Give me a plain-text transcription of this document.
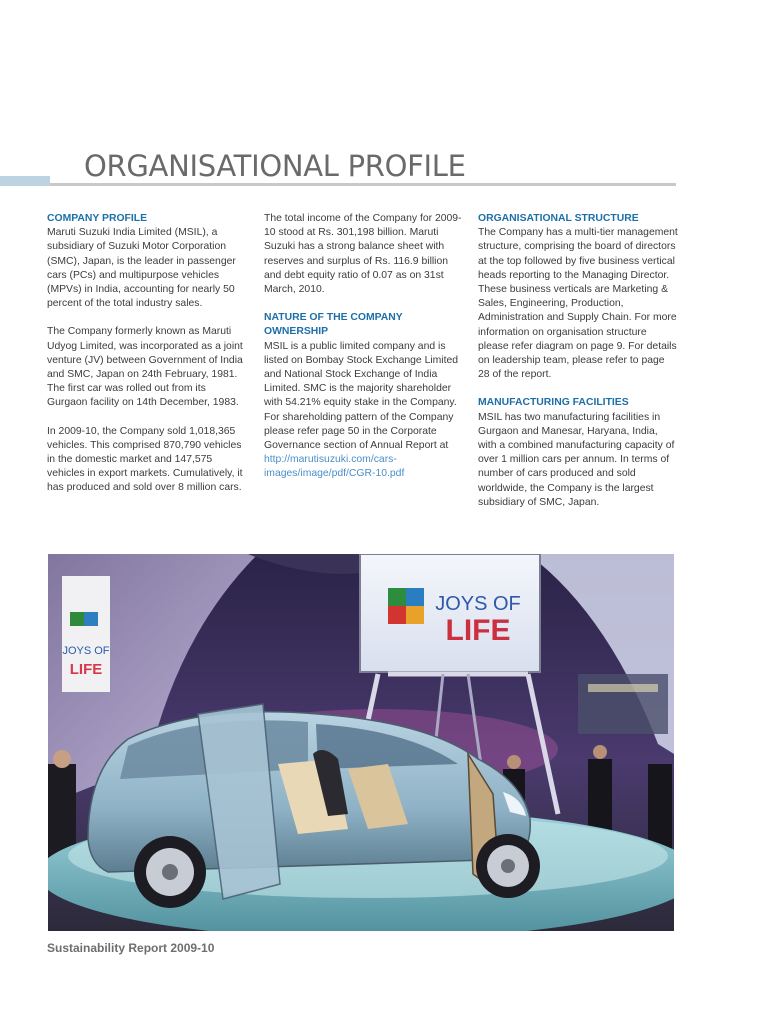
ORGANISATIONAL PROFILE
COMPANY PROFILE

Maruti Suzuki India Limited (MSIL), a subsidiary of Suzuki Motor Corporation (SMC), Japan, is the leader in passenger cars (PCs) and multipurpose vehicles (MPVs) in India, accounting for nearly 50 percent of the total industry sales.

The Company formerly known as Maruti Udyog Limited, was incorporated as a joint venture (JV) between Government of India and SMC, Japan on 24th February, 1981. The first car was rolled out from its Gurgaon facility on 14th December, 1983.

In 2009-10, the Company sold 1,018,365 vehicles. This comprised 870,790 vehicles in the domestic market and 147,575 vehicles in export markets. Cumulatively, it has produced and sold over 8 million cars.

The total income of the Company for 2009-10 stood at Rs. 301,198 billion. Maruti Suzuki has a strong balance sheet with reserves and surplus of Rs. 116.9 billion and debt equity ratio of 0.07 as on 31st March, 2010.

NATURE OF THE COMPANY OWNERSHIP

MSIL is a public limited company and is listed on Bombay Stock Exchange Limited and National Stock Exchange of India Limited. SMC is the majority shareholder with 54.21% equity stake in the Company. For shareholding pattern of the Company please refer page 50 in the Corporate Governance section of Annual Report at http://marutisuzuki.com/cars-images/image/pdf/CGR-10.pdf

ORGANISATIONAL STRUCTURE

The Company has a multi-tier management structure, comprising the board of directors at the top followed by five business vertical heads reporting to the Managing Director. These business verticals are Marketing & Sales, Engineering, Production, Administration and Supply Chain. For more information on organisation structure please refer diagram on page 9. For details on leadership team, please refer to page 28 of the report.

MANUFACTURING FACILITIES

MSIL has two manufacturing facilities in Gurgaon and Manesar, Haryana, India, with a combined manufacturing capacity of over 1 million cars per annum. In terms of number of cars produced and sold worldwide, the Company is the largest subsidiary of SMC, Japan.

JOYS OF
LIFE
JOYS OF
LIFE

Sustainability Report 2009-10
